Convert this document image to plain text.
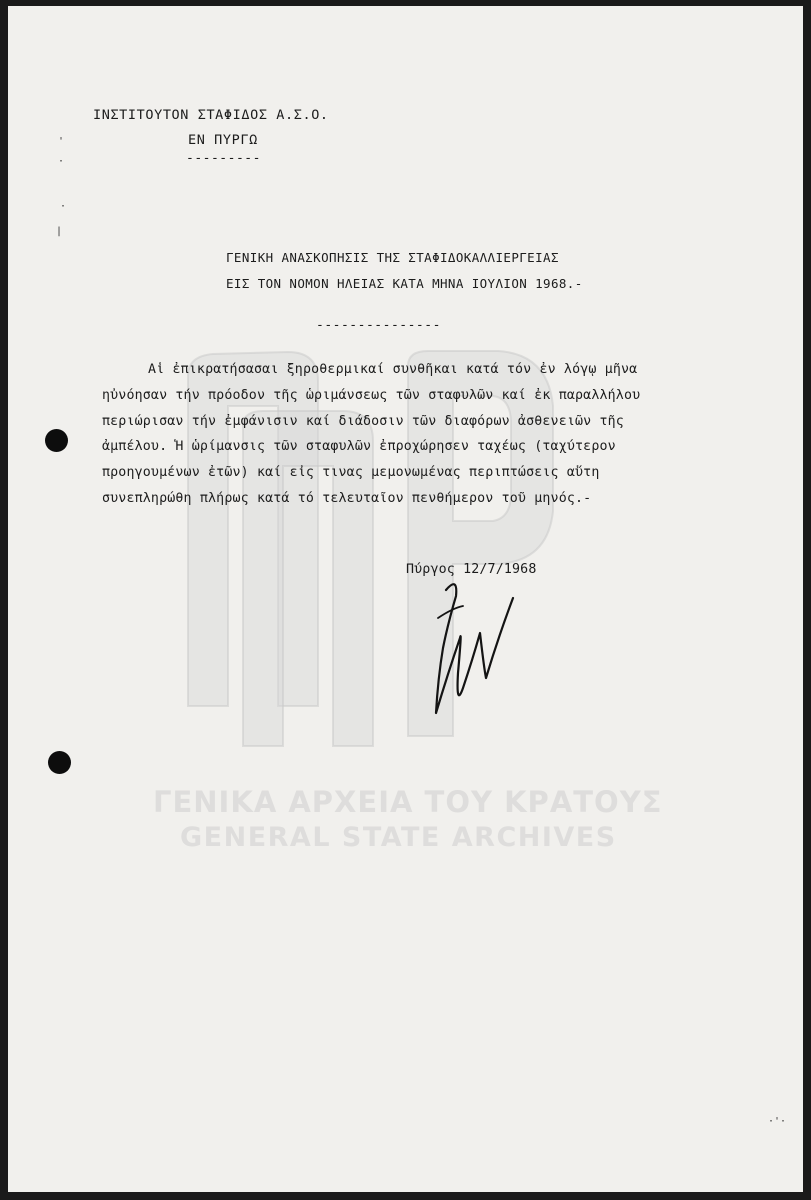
ΓΕΝΙΚΑ ΑΡΧΕΙΑ ΤΟΥ ΚΡΑΤΟΥΣ
GENERAL STATE ARCHIVES
'
·
·
|
·'·
ΙΝΣΤΙΤΟΥΤΟΝ ΣΤΑΦΙΔΟΣ Α.Σ.Ο.
ΕΝ ΠΥΡΓΩ
---------
ΓΕΝΙΚΗ ΑΝΑΣΚΟΠΗΣΙΣ ΤΗΣ ΣΤΑΦΙΔΟΚΑΛΛΙΕΡΓΕΙΑΣ
ΕΙΣ ΤΟΝ ΝΟΜΟΝ ΗΛΕΙΑΣ ΚΑΤΑ ΜΗΝΑ ΙΟΥΛΙΟΝ 1968.-
---------------
Αἱ ἐπικρατήσασαι ξηροθερμικαί συνθῆκαι κατά τόν ἐν λόγῳ μῆνα
ηὐνόησαν τήν πρόοδον τῆς ὡριμάνσεως τῶν σταφυλῶν καί ἐκ παραλλήλου
περιώρισαν τήν ἐμφάνισιν καί διάδοσιν τῶν διαφόρων ἀσθενειῶν τῆς
ἀμπέλου. Ἡ ὡρίμανσις τῶν σταφυλῶν ἐπροχώρησεν ταχέως (ταχύτερον
προηγουμένων ἐτῶν) καί εἰς τινας μεμονωμένας περιπτώσεις αὕτη
συνεπληρώθη πλήρως κατά τό τελευταῖον πενθήμερον τοῦ μηνός.-
Πύργος 12/7/1968
